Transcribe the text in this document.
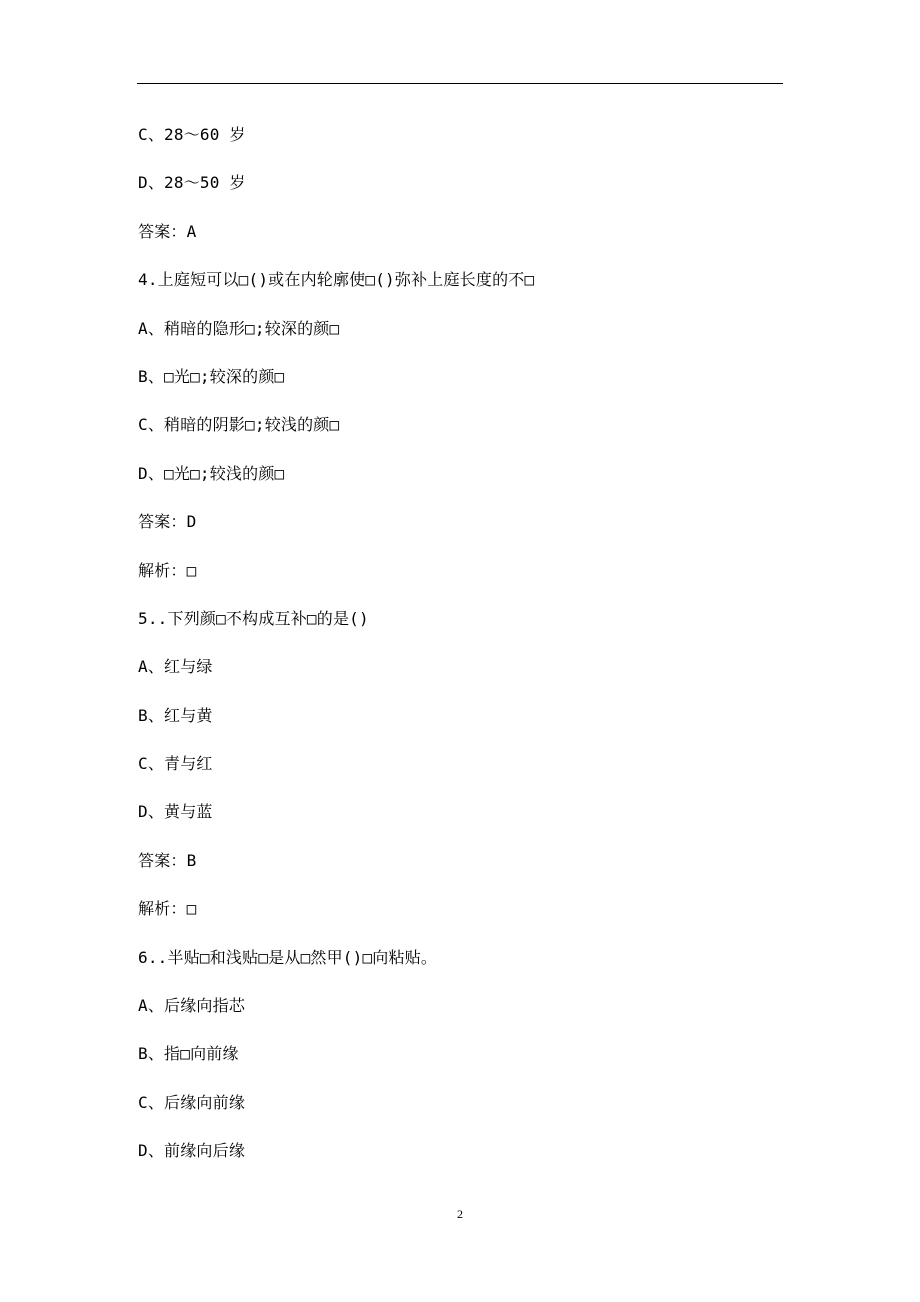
C、28～60 岁
D、28～50 岁
答案：A
4.上庭短可以□()或在内轮廓使□()弥补上庭长度的不□
A、稍暗的隐形□;较深的颜□
B、□光□;较深的颜□
C、稍暗的阴影□;较浅的颜□
D、□光□;较浅的颜□
答案：D
解析：□
5..下列颜□不构成互补□的是()
A、红与绿
B、红与黄
C、青与红
D、黄与蓝
答案：B
解析：□
6..半贴□和浅贴□是从□然甲()□向粘贴。
A、后缘向指芯
B、指□向前缘
C、后缘向前缘
D、前缘向后缘
2
